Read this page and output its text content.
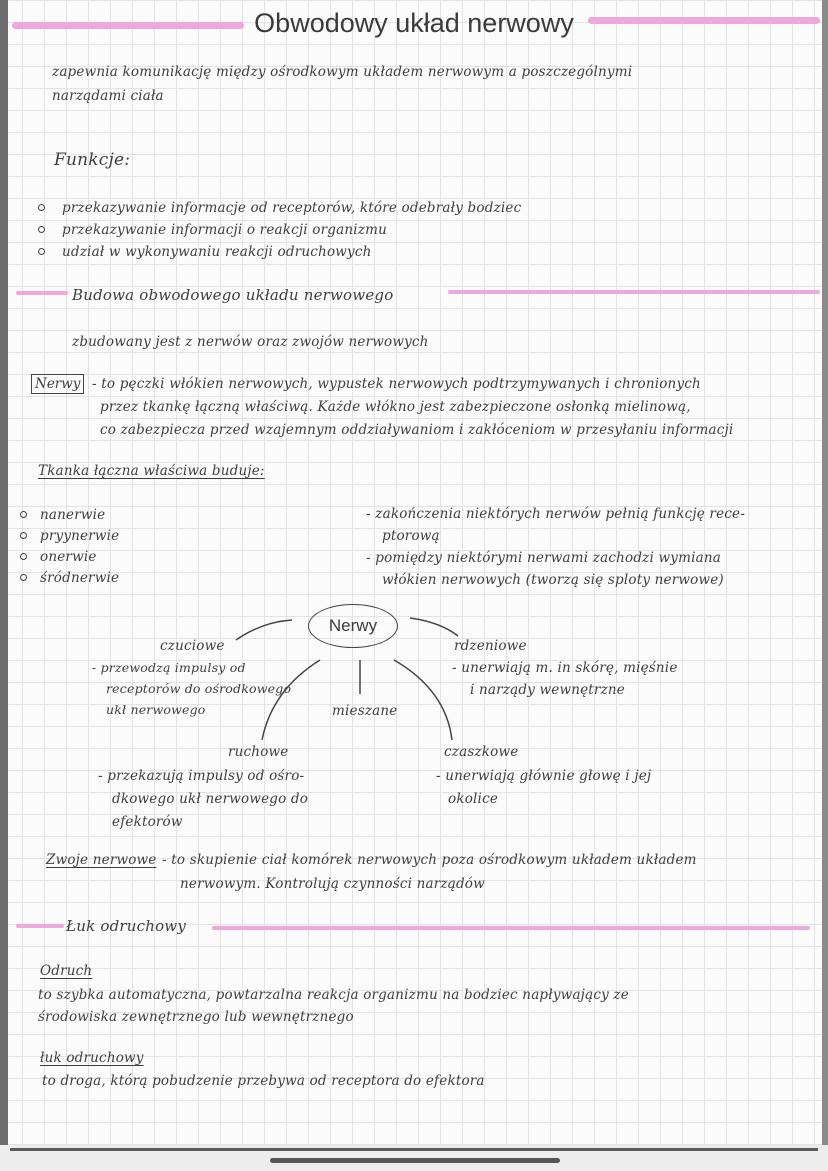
Obwodowy układ nerwowy
zapewnia komunikację między ośrodkowym układem nerwowym a poszczególnymi
narządami ciała
Funkcje:
przekazywanie informacje od receptorów, które odebrały bodziec
przekazywanie informacji o reakcji organizmu
udział w wykonywaniu reakcji odruchowych
Budowa obwodowego układu nerwowego
zbudowany jest z nerwów oraz zwojów nerwowych
Nerwy - to pęczki włókien nerwowych, wypustek nerwowych podtrzymywanych i chronionych
przez tkankę łączną właściwą. Każde włókno jest zabezpieczone osłonką mielinową,
co zabezpiecza przed wzajemnym oddziaływaniom i zakłóceniom w przesyłaniu informacji
Tkanka łączna właściwa buduje:
nanerwie
pryynerwie
onerwie
śródnerwie
- zakończenia niektórych nerwów pełnią funkcję rece-
ptorową
- pomiędzy niektórymi nerwami zachodzi wymiana
włókien nerwowych (tworzą się sploty nerwowe)
Nerwy
czuciowe
- przewodzą impulsy od
receptorów do ośrodkowego
ukł nerwowego
rdzeniowe
- unerwiają m. in skórę, mięśnie
i narządy wewnętrzne
mieszane
ruchowe
- przekazują impulsy od ośro-
dkowego ukł nerwowego do
efektorów
czaszkowe
- unerwiają głównie głowę i jej
okolice
Zwoje nerwowe - to skupienie ciał komórek nerwowych poza ośrodkowym układem układem
nerwowym. Kontrolują czynności narządów
Łuk odruchowy
Odruch
to szybka automatyczna, powtarzalna reakcja organizmu na bodziec napływający ze
środowiska zewnętrznego lub wewnętrznego
łuk odruchowy
to droga, którą pobudzenie przebywa od receptora do efektora
